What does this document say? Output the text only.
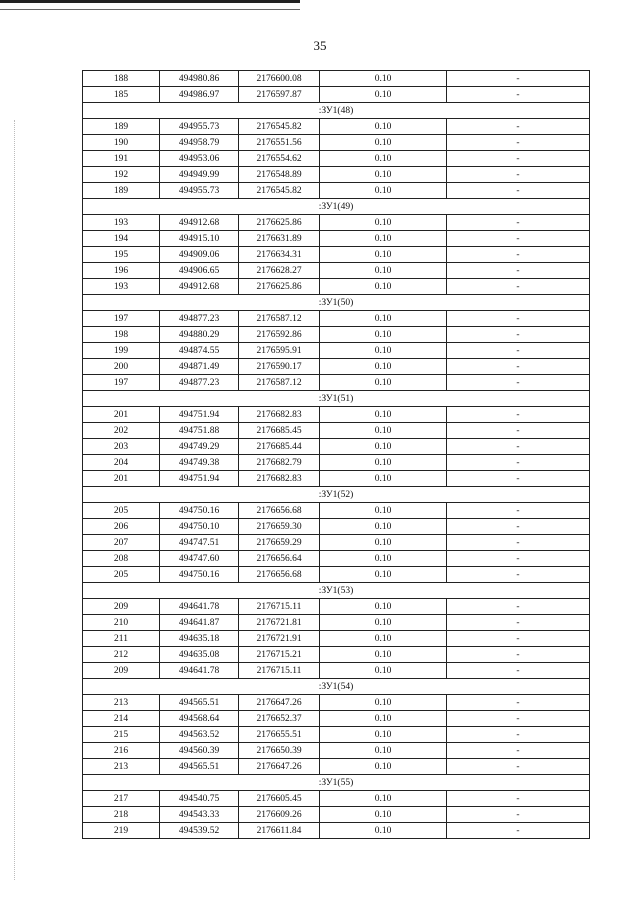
35
188	494980.86	2176600.08	0.10	-
185	494986.97	2176597.87	0.10	-
:ЗУ1(48)				
189	494955.73	2176545.82	0.10	-
190	494958.79	2176551.56	0.10	-
191	494953.06	2176554.62	0.10	-
192	494949.99	2176548.89	0.10	-
189	494955.73	2176545.82	0.10	-
:ЗУ1(49)				
193	494912.68	2176625.86	0.10	-
194	494915.10	2176631.89	0.10	-
195	494909.06	2176634.31	0.10	-
196	494906.65	2176628.27	0.10	-
193	494912.68	2176625.86	0.10	-
:ЗУ1(50)				
197	494877.23	2176587.12	0.10	-
198	494880.29	2176592.86	0.10	-
199	494874.55	2176595.91	0.10	-
200	494871.49	2176590.17	0.10	-
197	494877.23	2176587.12	0.10	-
:ЗУ1(51)				
201	494751.94	2176682.83	0.10	-
202	494751.88	2176685.45	0.10	-
203	494749.29	2176685.44	0.10	-
204	494749.38	2176682.79	0.10	-
201	494751.94	2176682.83	0.10	-
:ЗУ1(52)				
205	494750.16	2176656.68	0.10	-
206	494750.10	2176659.30	0.10	-
207	494747.51	2176659.29	0.10	-
208	494747.60	2176656.64	0.10	-
205	494750.16	2176656.68	0.10	-
:ЗУ1(53)				
209	494641.78	2176715.11	0.10	-
210	494641.87	2176721.81	0.10	-
211	494635.18	2176721.91	0.10	-
212	494635.08	2176715.21	0.10	-
209	494641.78	2176715.11	0.10	-
:ЗУ1(54)				
213	494565.51	2176647.26	0.10	-
214	494568.64	2176652.37	0.10	-
215	494563.52	2176655.51	0.10	-
216	494560.39	2176650.39	0.10	-
213	494565.51	2176647.26	0.10	-
:ЗУ1(55)				
217	494540.75	2176605.45	0.10	-
218	494543.33	2176609.26	0.10	-
219	494539.52	2176611.84	0.10	-
